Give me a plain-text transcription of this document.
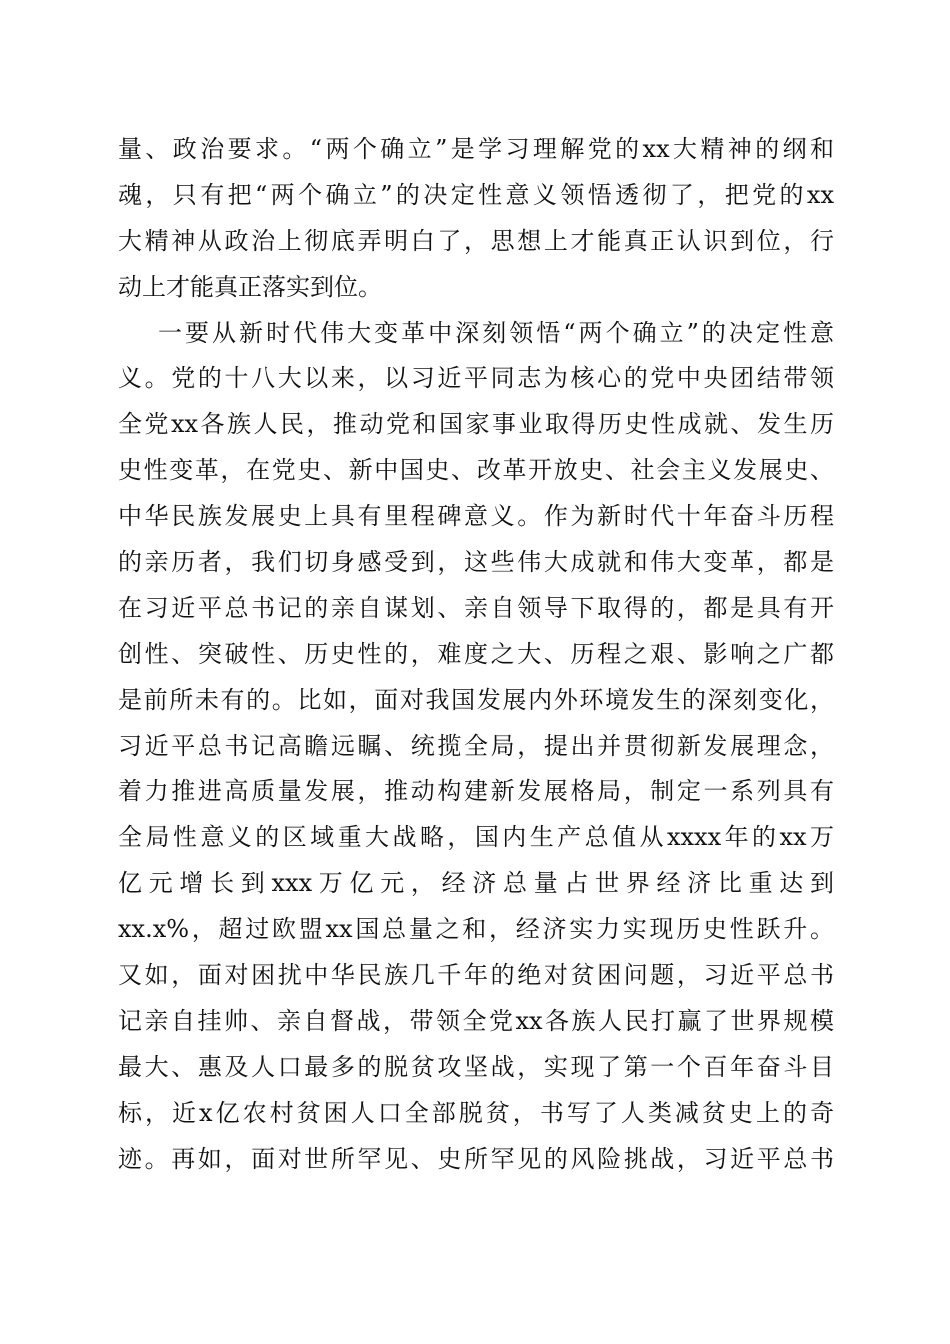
量、政治要求。“两个确立”是学习理解党的xx大精神的纲和
魂，只有把“两个确立”的决定性意义领悟透彻了，把党的xx
大精神从政治上彻底弄明白了，思想上才能真正认识到位，行
动上才能真正落实到位。
一要从新时代伟大变革中深刻领悟“两个确立”的决定性意
义。党的十八大以来，以习近平同志为核心的党中央团结带领
全党xx各族人民，推动党和国家事业取得历史性成就、发生历
史性变革，在党史、新中国史、改革开放史、社会主义发展史、
中华民族发展史上具有里程碑意义。作为新时代十年奋斗历程
的亲历者，我们切身感受到，这些伟大成就和伟大变革，都是
在习近平总书记的亲自谋划、亲自领导下取得的，都是具有开
创性、突破性、历史性的，难度之大、历程之艰、影响之广都
是前所未有的。比如，面对我国发展内外环境发生的深刻变化，
习近平总书记高瞻远瞩、统揽全局，提出并贯彻新发展理念，
着力推进高质量发展，推动构建新发展格局，制定一系列具有
全局性意义的区域重大战略，国内生产总值从xxxx年的xx万
亿元增长到xxx万亿元，经济总量占世界经济比重达到
xx.x%，超过欧盟xx国总量之和，经济实力实现历史性跃升。
又如，面对困扰中华民族几千年的绝对贫困问题，习近平总书
记亲自挂帅、亲自督战，带领全党xx各族人民打赢了世界规模
最大、惠及人口最多的脱贫攻坚战，实现了第一个百年奋斗目
标，近x亿农村贫困人口全部脱贫，书写了人类减贫史上的奇
迹。再如，面对世所罕见、史所罕见的风险挑战，习近平总书
